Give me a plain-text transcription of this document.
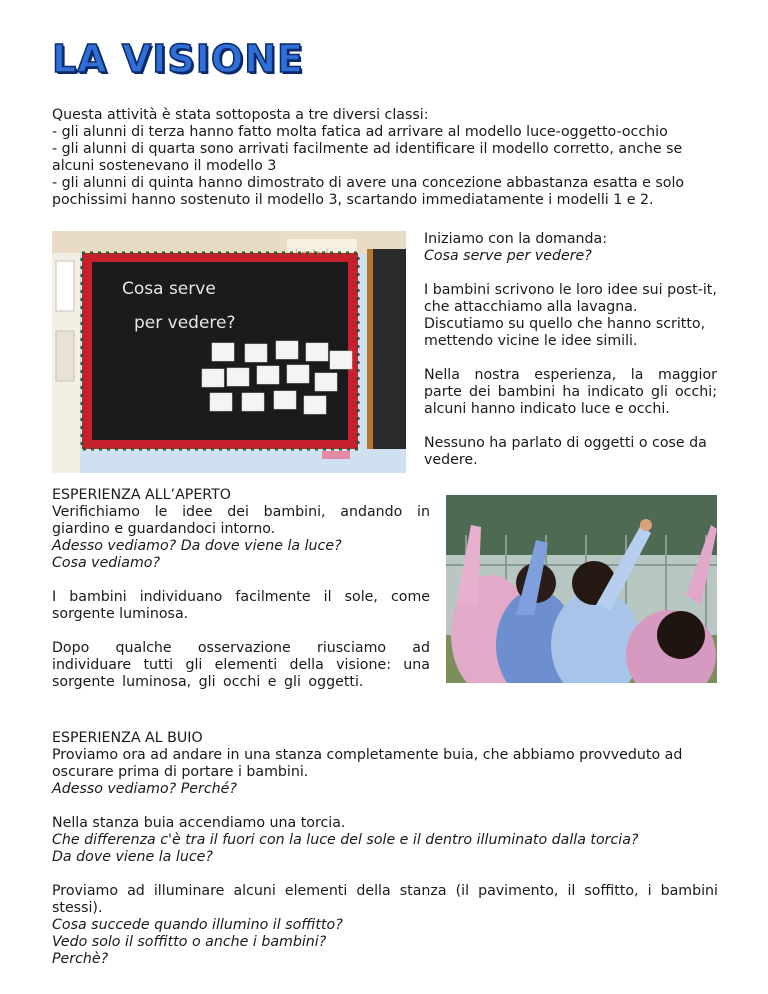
LA VISIONE

Questa attività è stata sottoposta a tre diversi classi:

- gli alunni di terza hanno fatto molta fatica ad arrivare al modello luce-oggetto-occhio

- gli alunni di quarta sono arrivati facilmente ad identificare il modello corretto, anche se alcuni sostenevano il modello 3

- gli alunni di quinta hanno dimostrato di avere una concezione abbastanza esatta e solo pochissimi hanno sostenuto il modello 3, scartando immediatamente i modelli 1 e 2.

Cosa serve
per vedere?

Iniziamo con la domanda:

Cosa serve per vedere?

I bambini scrivono le loro idee sui post-it, che attacchiamo alla lavagna. Discutiamo su quello che hanno scritto, mettendo vicine le idee simili.

Nella nostra esperienza, la maggior parte dei bambini ha indicato gli occhi; alcuni hanno indicato luce e occhi.

Nessuno ha parlato di oggetti o cose da vedere.

ESPERIENZA ALL’APERTO

Verifichiamo le idee dei bambini, andando in giardino e guardandoci intorno.

Adesso vediamo? Da dove viene la luce?

Cosa vediamo?

I bambini individuano facilmente il sole, come sorgente luminosa.

Dopo qualche osservazione riusciamo ad individuare tutti gli elementi della visione: una sorgente luminosa, gli occhi e gli oggetti.

ESPERIENZA AL BUIO

Proviamo ora ad andare in una stanza completamente buia, che abbiamo provveduto ad oscurare prima di portare i bambini.

Adesso vediamo? Perché?

Nella stanza buia accendiamo una torcia.

Che differenza c'è tra il fuori con la luce del sole e il dentro illuminato dalla torcia?

Da dove viene la luce?

Proviamo ad illuminare alcuni elementi della stanza (il pavimento, il soffitto, i bambini stessi).

Cosa succede quando illumino il soffitto?

Vedo solo il soffitto o anche i bambini?

Perchè?
